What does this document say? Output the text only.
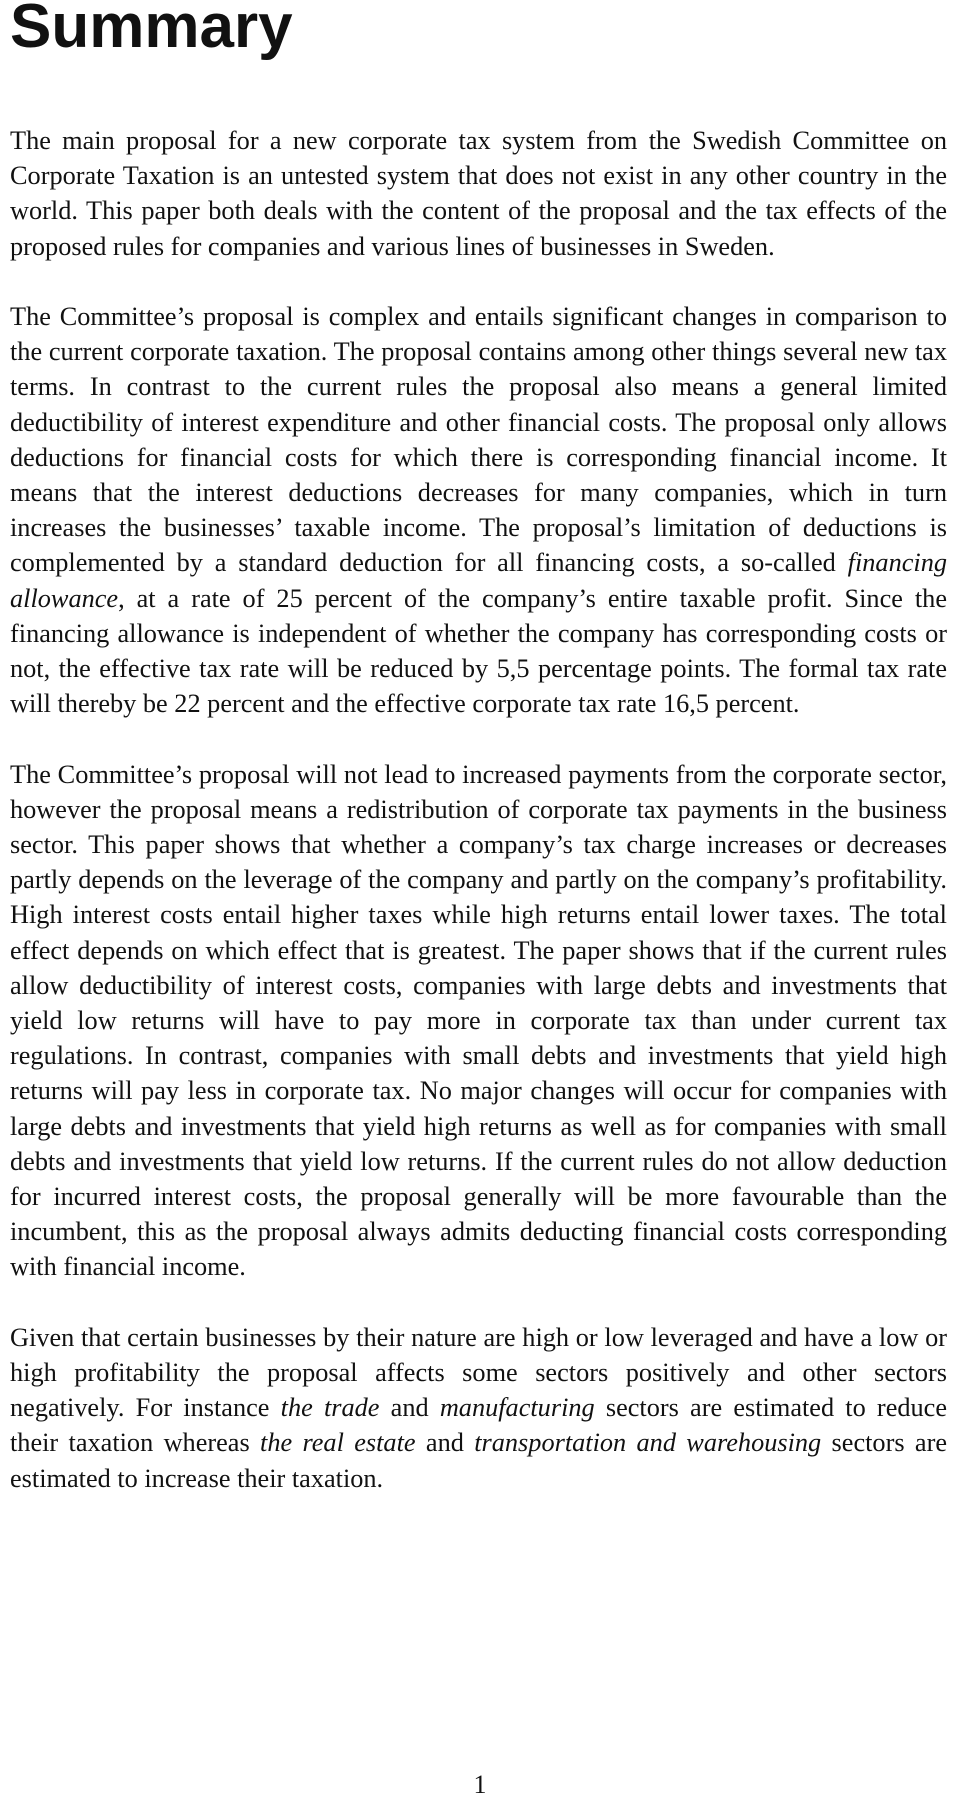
Summary

The main proposal for a new corporate tax system from the Swedish Committee on Corporate Taxation is an untested system that does not exist in any other country in the world. This paper both deals with the content of the proposal and the tax effects of the proposed rules for companies and various lines of businesses in Sweden.

The Committee’s proposal is complex and entails significant changes in comparison to the current corporate taxation. The proposal contains among other things several new tax terms. In contrast to the current rules the proposal also means a general limited deductibility of interest expenditure and other financial costs. The proposal only allows deductions for financial costs for which there is corresponding financial income. It means that the interest deductions decreases for many companies, which in turn increases the businesses’ taxable income. The proposal’s limitation of deductions is complemented by a standard deduction for all financing costs, a so-called financing allowance, at a rate of 25 percent of the company’s entire taxable profit. Since the financing allowance is independent of whether the company has corresponding costs or not, the effective tax rate will be reduced by 5,5 percentage points. The formal tax rate will thereby be 22 percent and the effective corporate tax rate 16,5 percent.

The Committee’s proposal will not lead to increased payments from the corporate sector, however the proposal means a redistribution of corporate tax payments in the business sector. This paper shows that whether a company’s tax charge increases or decreases partly depends on the leverage of the company and partly on the company’s profitability. High interest costs entail higher taxes while high returns entail lower taxes. The total effect depends on which effect that is greatest. The paper shows that if the current rules allow deductibility of interest costs, companies with large debts and investments that yield low returns will have to pay more in corporate tax than under current tax regulations. In contrast, companies with small debts and investments that yield high returns will pay less in corporate tax. No major changes will occur for companies with large debts and investments that yield high returns as well as for companies with small debts and investments that yield low returns. If the current rules do not allow deduction for incurred interest costs, the proposal generally will be more favourable than the incumbent, this as the proposal always admits deducting financial costs corresponding with financial income.

Given that certain businesses by their nature are high or low leveraged and have a low or high profitability the proposal affects some sectors positively and other sectors negatively. For instance the trade and manufacturing sectors are estimated to reduce their taxation whereas the real estate and transportation and warehousing sectors are estimated to increase their taxation.

1
